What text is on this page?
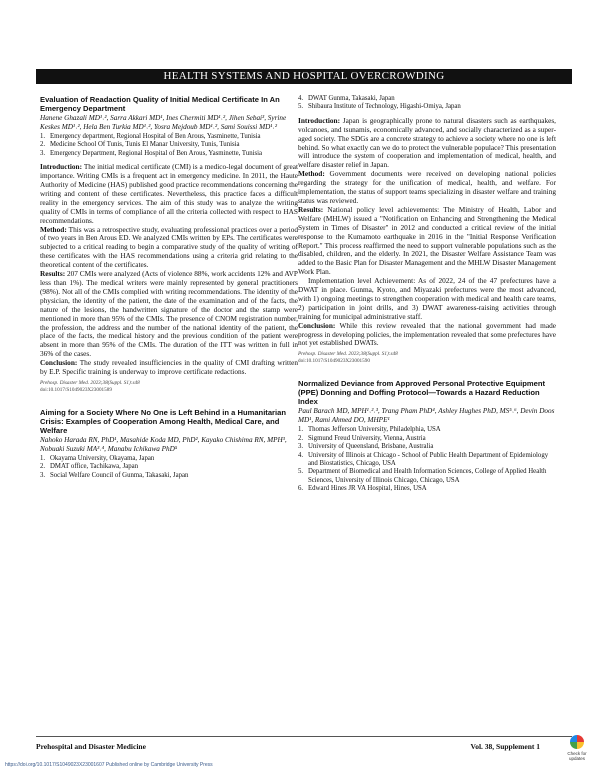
HEALTH SYSTEMS AND HOSPITAL OVERCROWDING
Evaluation of Readaction Quality of Initial Medical Certificate In An Emergency Department
Hanene Ghazali MD¹˒², Sarra Akkari MD¹, Ines Chermiti MD¹˒², Jihen Sebai³, Syrine Keskes MD¹˒², Hela Ben Turkia MD¹˒², Yosra Mejdoub MD¹˒², Sami Souissi MD¹˒²
1. Emergency department, Regional Hospital of Ben Arous, Yasminette, Tunisia
2. Medicine School Of Tunis, Tunis El Manar University, Tunis, Tunisia
3. Emergency Department, Regional Hospital of Ben Arous, Yasminette, Tunisia

Introduction: The initial medical certificate (CMI) is a medico-legal document of great importance. Writing CMIs is a frequent act in emergency medicine. In 2011, the Haute Authority of Medicine (HAS) published good practice recommendations concerning the writing and content of these certificates. Nevertheless, this practice faces a difficult reality in the emergency services. The aim of this study was to analyze the writing quality of CMIs in terms of compliance of all the criteria collected with respect to HAS recommendations.

Method: This was a retrospective study, evaluating professional practices over a period of two years in Ben Arous ED. We analyzed CMIs written by EPs. The certificates were subjected to a critical reading to begin a comparative study of the quality of writing of these certificates with the HAS recommendations using a criteria grid relating to the theoretical content of the certificates.

Results: 207 CMIs were analyzed (Acts of violence 88%, work accidents 12% and AVP less than 1%). The medical writers were mainly represented by general practitioners (98%). Not all of the CMIs complied with writing recommendations. The identity of the physician, the identity of the patient, the date of the examination and of the facts, the nature of the lesions, the handwritten signature of the doctor and the stamp were mentioned in more than 95% of the CMIs. The presence of CNOM registration number, the profession, the address and the number of the national identity of the patient, the place of the facts, the medical history and the previous condition of the patient were absent in more than 95% of the CMIs. The duration of the ITT was written in full in 36% of the cases.

Conclusion: The study revealed insufficiencies in the quality of CMI drafting written by E.P. Specific training is underway to improve certificate redactions.

Prehosp. Disaster Med. 2023;38(Suppl. S1):s48

doi:10.1017/S1049023X23001589

Aiming for a Society Where No One is Left Behind in a Humanitarian Crisis: Examples of Cooperation Among Health, Medical Care, and Welfare
Nahoko Harada RN, PhD¹, Masahide Koda MD, PhD², Kayako Chishima RN, MPH³, Nobuaki Suzuki MA³˒⁴, Manabu Ichikawa PhD⁵
1. Okayama University, Okayama, Japan
2. DMAT office, Tachikawa, Japan
3. Social Welfare Council of Gunma, Takasaki, Japan
4. DWAT Gunma, Takasaki, Japan
5. Shibaura Institute of Technology, Higashi-Omiya, Japan

Introduction: Japan is geographically prone to natural disasters such as earthquakes, volcanoes, and tsunamis, economically advanced, and socially characterized as a super-aged society. The SDGs are a concrete strategy to achieve a society where no one is left behind. So what exactly can we do to protect the vulnerable populace? This presentation will introduce the system of cooperation and implementation of medical, health, and welfare disaster relief in Japan.

Method: Government documents were received on developing national policies regarding the strategy for the unification of medical, health, and welfare. For implementation, the status of support teams specializing in disaster welfare and training status was reviewed.

Results: National policy level achievements: The Ministry of Health, Labor and Welfare (MHLW) issued a "Notification on Enhancing and Strengthening the Medical System in Times of Disaster" in 2012 and conducted a critical review of the initial response to the Kumamoto earthquake in 2016 in the "Initial Response Verification Report." This process reaffirmed the need to support vulnerable populations such as the disabled, children, and the elderly. In 2021, the Disaster Welfare Assistance Team was added to the Basic Plan for Disaster Management and the MHLW Disaster Management Work Plan.

Implementation level Achievement: As of 2022, 24 of the 47 prefectures have a DWAT in place. Gunma, Kyoto, and Miyazaki prefectures were the most advanced, with 1) ongoing meetings to strengthen cooperation with medical and health care teams, 2) participation in joint drills, and 3) DWAT awareness-raising activities through training for municipal administrative staff.

Conclusion: While this review revealed that the national government had made progress in developing policies, the implementation revealed that some prefectures have not yet established DWATs.

Prehosp. Disaster Med. 2023;38(Suppl. S1):s48

doi:10.1017/S1049023X23001590

Normalized Deviance from Approved Personal Protective Equipment (PPE) Donning and Doffing Protocol—Towards a Hazard Reduction Index
Paul Barach MD, MPH¹˒²˒³, Trang Pham PhD⁴, Ashley Hughes PhD, MS⁵˒⁶, Devin Doos MD¹, Rami Ahmed DO, MHPE¹
1. Thomas Jefferson University, Philadelphia, USA
2. Sigmund Freud University, Vienna, Austria
3. University of Queensland, Brisbane, Australia
4. University of Illinois at Chicago - School of Public Health Department of Epidemiology and Biostatistics, Chicago, USA
5. Department of Biomedical and Health Information Sciences, College of Applied Health Sciences, University of Illinois Chicago, Chicago, USA
6. Edward Hines JR VA Hospital, Hines, USA
Prehospital and Disaster Medicine	Vol. 38, Supplement 1
https://doi.org/10.1017/S1049023X23001607 Published online by Cambridge University Press
Check for updates
